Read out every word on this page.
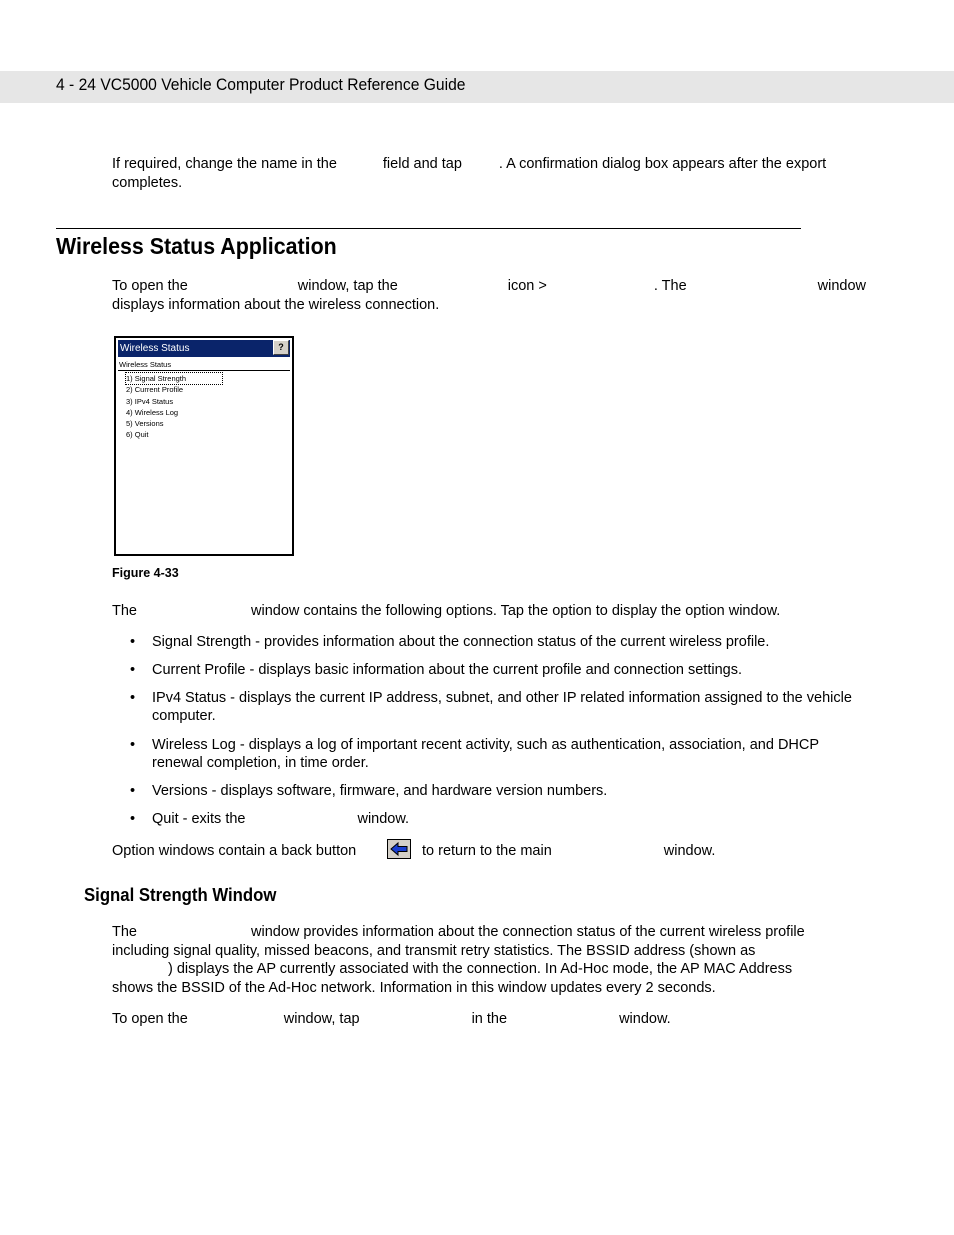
4 - 24 VC5000 Vehicle Computer Product Reference Guide
If required, change the name in the	field and tap	. A confirmation dialog box appears after the export
completes.
Wireless Status Application
To open the	window, tap the	icon >	. The	window
displays information about the wireless connection.
Wireless Status	?
Wireless Status
1) Signal Strength
2) Current Profile
3) IPv4 Status
4) Wireless Log
5) Versions
6) Quit
Figure 4-33
The	window contains the following options. Tap the option to display the option window.
• Signal Strength - provides information about the connection status of the current wireless profile.
• Current Profile - displays basic information about the current profile and connection settings.
• IPv4 Status - displays the current IP address, subnet, and other IP related information assigned to the vehicle computer.
• Wireless Log - displays a log of important recent activity, such as authentication, association, and DHCP renewal completion, in time order.
• Versions - displays software, firmware, and hardware version numbers.
• Quit - exits the	window.
Option windows contain a back button	to return to the main	window.
Signal Strength Window
The	window provides information about the connection status of the current wireless profile
including signal quality, missed beacons, and transmit retry statistics. The BSSID address (shown as
) displays the AP currently associated with the connection. In Ad-Hoc mode, the AP MAC Address
shows the BSSID of the Ad-Hoc network. Information in this window updates every 2 seconds.
To open the	window, tap	in the	window.
